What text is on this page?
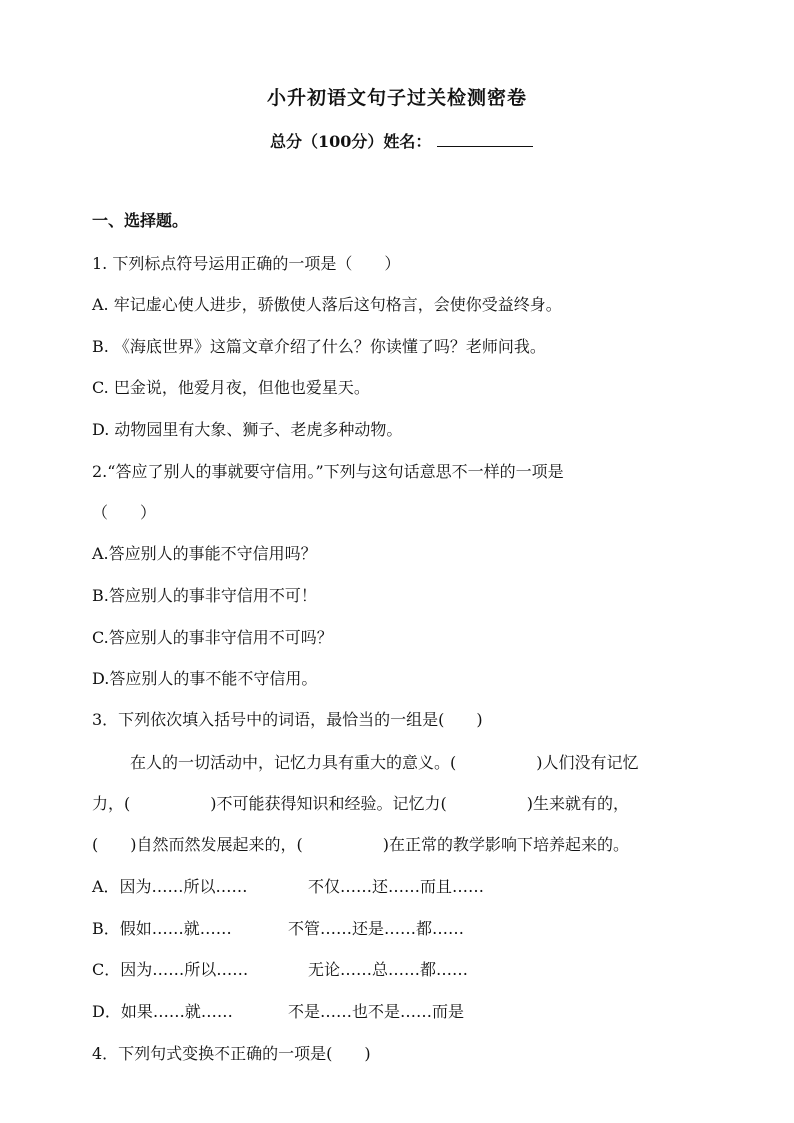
小升初语文句子过关检测密卷
总分（100分）姓名：
一、选择题。
1. 下列标点符号运用正确的一项是（　　）
A. 牢记虚心使人进步，骄傲使人落后这句格言，会使你受益终身。
B. 《海底世界》这篇文章介绍了什么？你读懂了吗？老师问我。
C. 巴金说，他爱月夜，但他也爱星天。
D. 动物园里有大象、狮子、老虎多种动物。
2.“答应了别人的事就要守信用。”下列与这句话意思不一样的一项是
（　　）
A.答应别人的事能不守信用吗？
B.答应别人的事非守信用不可！
C.答应别人的事非守信用不可吗？
D.答应别人的事不能不守信用。
3．下列依次填入括号中的词语，最恰当的一组是(　　)
在人的一切活动中，记忆力具有重大的意义。(　　　　　)人们没有记忆
力，(　　　　　)不可能获得知识和经验。记忆力(　　　　　)生来就有的，
(　　)自然而然发展起来的，(　　　　　)在正常的教学影响下培养起来的。
A．因为……所以……	不仅……还……而且……
B．假如……就……	不管……还是……都……
C．因为……所以……	无论……总……都……
D．如果……就……	不是……也不是……而是
4．下列句式变换不正确的一项是(　　)
